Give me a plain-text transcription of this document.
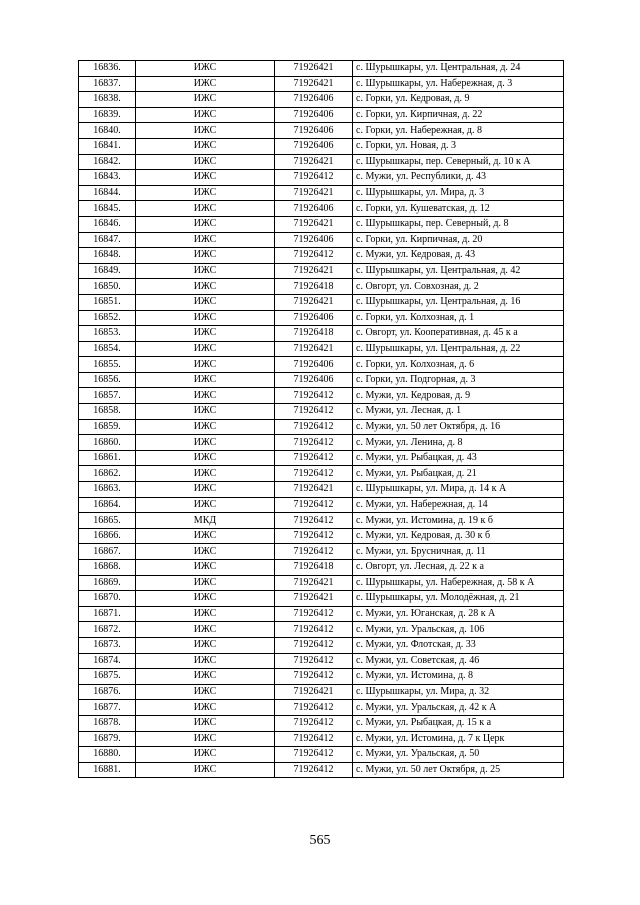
16836.	ИЖС	71926421	с. Шурышкары, ул. Центральная, д. 24
16837.	ИЖС	71926421	с. Шурышкары, ул. Набережная, д. 3
16838.	ИЖС	71926406	с. Горки, ул. Кедровая, д. 9
16839.	ИЖС	71926406	с. Горки, ул. Кирпичная, д. 22
16840.	ИЖС	71926406	с. Горки, ул. Набережная, д. 8
16841.	ИЖС	71926406	с. Горки, ул. Новая, д. 3
16842.	ИЖС	71926421	с. Шурышкары, пер. Северный, д. 10 к А
16843.	ИЖС	71926412	с. Мужи, ул. Республики, д. 43
16844.	ИЖС	71926421	с. Шурышкары, ул. Мира, д. 3
16845.	ИЖС	71926406	с. Горки, ул. Кушеватская, д. 12
16846.	ИЖС	71926421	с. Шурышкары, пер. Северный, д. 8
16847.	ИЖС	71926406	с. Горки, ул. Кирпичная, д. 20
16848.	ИЖС	71926412	с. Мужи, ул. Кедровая, д. 43
16849.	ИЖС	71926421	с. Шурышкары, ул. Центральная, д. 42
16850.	ИЖС	71926418	с. Овгорт, ул. Совхозная, д. 2
16851.	ИЖС	71926421	с. Шурышкары, ул. Центральная, д. 16
16852.	ИЖС	71926406	с. Горки, ул. Колхозная, д. 1
16853.	ИЖС	71926418	с. Овгорт, ул. Кооперативная, д. 45 к а
16854.	ИЖС	71926421	с. Шурышкары, ул. Центральная, д. 22
16855.	ИЖС	71926406	с. Горки, ул. Колхозная, д. 6
16856.	ИЖС	71926406	с. Горки, ул. Подгорная, д. 3
16857.	ИЖС	71926412	с. Мужи, ул. Кедровая, д. 9
16858.	ИЖС	71926412	с. Мужи, ул. Лесная, д. 1
16859.	ИЖС	71926412	с. Мужи, ул. 50 лет Октября, д. 16
16860.	ИЖС	71926412	с. Мужи, ул. Ленина, д. 8
16861.	ИЖС	71926412	с. Мужи, ул. Рыбацкая, д. 43
16862.	ИЖС	71926412	с. Мужи, ул. Рыбацкая, д. 21
16863.	ИЖС	71926421	с. Шурышкары, ул. Мира, д. 14 к А
16864.	ИЖС	71926412	с. Мужи, ул. Набережная, д. 14
16865.	МКД	71926412	с. Мужи, ул. Истомина, д. 19 к б
16866.	ИЖС	71926412	с. Мужи, ул. Кедровая, д. 30 к б
16867.	ИЖС	71926412	с. Мужи, ул. Брусничная, д. 11
16868.	ИЖС	71926418	с. Овгорт, ул. Лесная, д. 22 к а
16869.	ИЖС	71926421	с. Шурышкары, ул. Набережная, д. 58 к А
16870.	ИЖС	71926421	с. Шурышкары, ул. Молодёжная, д. 21
16871.	ИЖС	71926412	с. Мужи, ул. Юганская, д. 28 к А
16872.	ИЖС	71926412	с. Мужи, ул. Уральская, д. 106
16873.	ИЖС	71926412	с. Мужи, ул. Флотская, д. 33
16874.	ИЖС	71926412	с. Мужи, ул. Советская, д. 46
16875.	ИЖС	71926412	с. Мужи, ул. Истомина, д. 8
16876.	ИЖС	71926421	с. Шурышкары, ул. Мира, д. 32
16877.	ИЖС	71926412	с. Мужи, ул. Уральская, д. 42 к А
16878.	ИЖС	71926412	с. Мужи, ул. Рыбацкая, д. 15 к а
16879.	ИЖС	71926412	с. Мужи, ул. Истомина, д. 7 к Церк
16880.	ИЖС	71926412	с. Мужи, ул. Уральская, д. 50
16881.	ИЖС	71926412	с. Мужи, ул. 50 лет Октября, д. 25
565
